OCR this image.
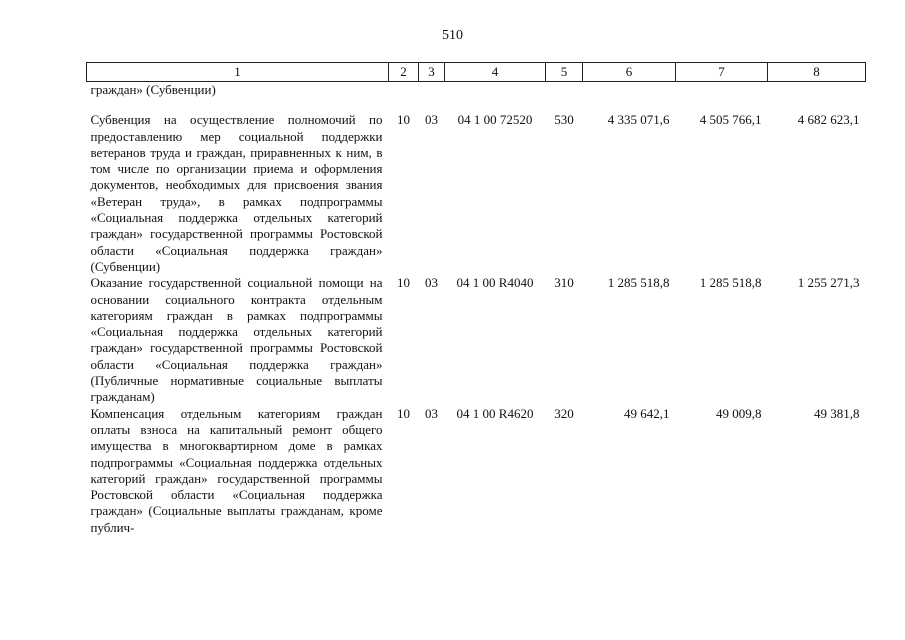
510
1	2	3	4	5	6	7	8
граждан» (Субвенции)							
Субвенция на осуществление полномочий по предоставлению мер социальной поддержки ветеранов труда и граждан, приравненных к ним, в том числе по организации приема и оформления документов, необходимых для присвоения звания «Ветеран труда», в рамках подпрограммы «Социальная поддержка отдельных категорий граждан» государственной программы Ростовской области «Социальная поддержка граждан» (Субвенции)	10	03	04 1 00 72520	530	4 335 071,6	4 505 766,1	4 682 623,1
Оказание государственной социальной помощи на основании социального контракта отдельным категориям граждан в рамках подпрограммы «Социальная поддержка отдельных категорий граждан» государственной программы Ростовской области «Социальная поддержка граждан» (Публичные нормативные социальные выплаты гражданам)	10	03	04 1 00 R4040	310	1 285 518,8	1 285 518,8	1 255 271,3
Компенсация отдельным категориям граждан оплаты взноса на капитальный ремонт общего имущества в многоквартирном доме в рамках подпрограммы «Социальная поддержка отдельных категорий граждан» государственной программы Ростовской области «Социальная поддержка граждан» (Социальные выплаты гражданам, кроме публич-	10	03	04 1 00 R4620	320	49 642,1	49 009,8	49 381,8
